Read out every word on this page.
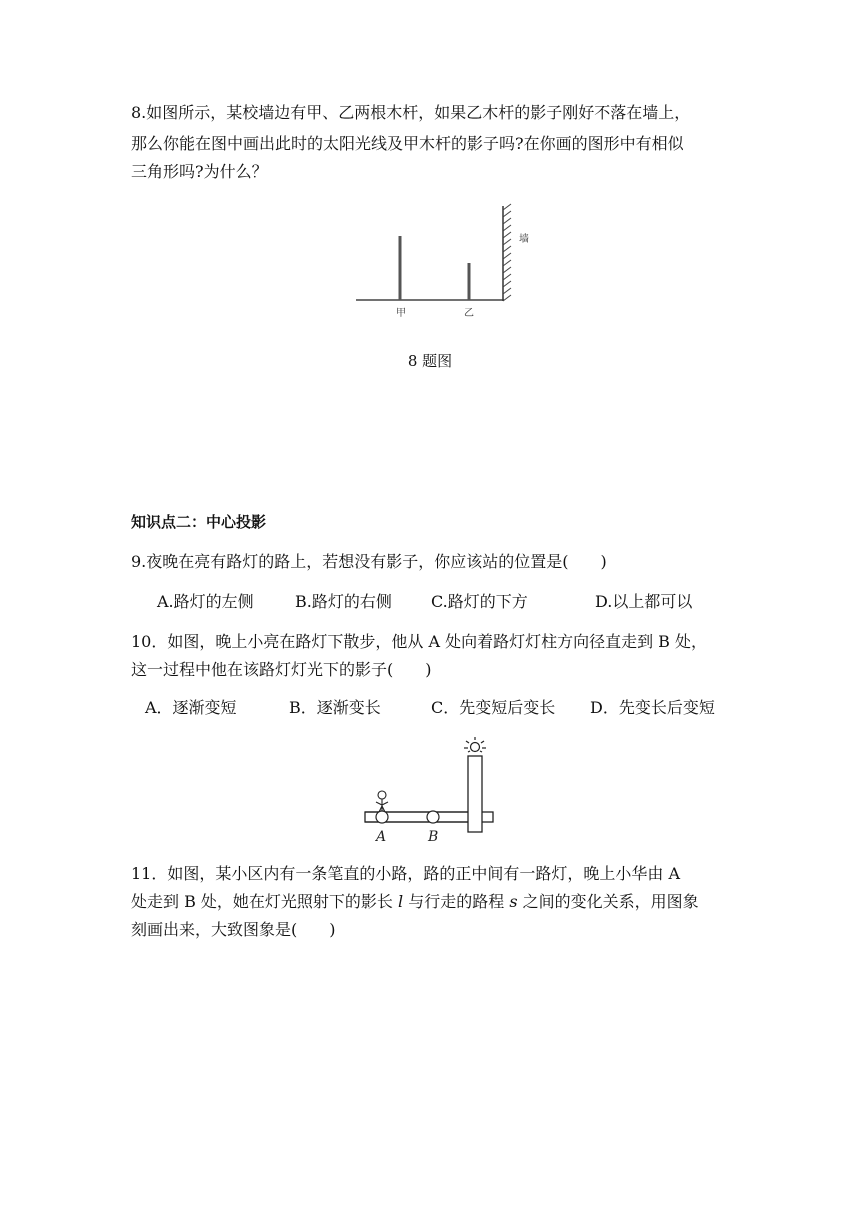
8.如图所示，某校墙边有甲、乙两根木杆，如果乙木杆的影子刚好不落在墙上，
那么你能在图中画出此时的太阳光线及甲木杆的影子吗?在你画的图形中有相似
三角形吗?为什么？
墙
甲	乙
8 题图
知识点二：中心投影
9.夜晚在亮有路灯的路上，若想没有影子，你应该站的位置是(　　)
A.路灯的左侧	B.路灯的右侧 C.路灯的下方	D.以上都可以
10．如图，晚上小亮在路灯下散步，他从 A 处向着路灯灯柱方向径直走到 B 处，
这一过程中他在该路灯灯光下的影子(　　)
A．逐渐变短	B．逐渐变长	C．先变短后变长 D．先变长后变短
A	B
11．如图，某小区内有一条笔直的小路，路的正中间有一路灯，晚上小华由 A
处走到 B 处，她在灯光照射下的影长 l 与行走的路程 s 之间的变化关系，用图象
刻画出来，大致图象是(　　)
